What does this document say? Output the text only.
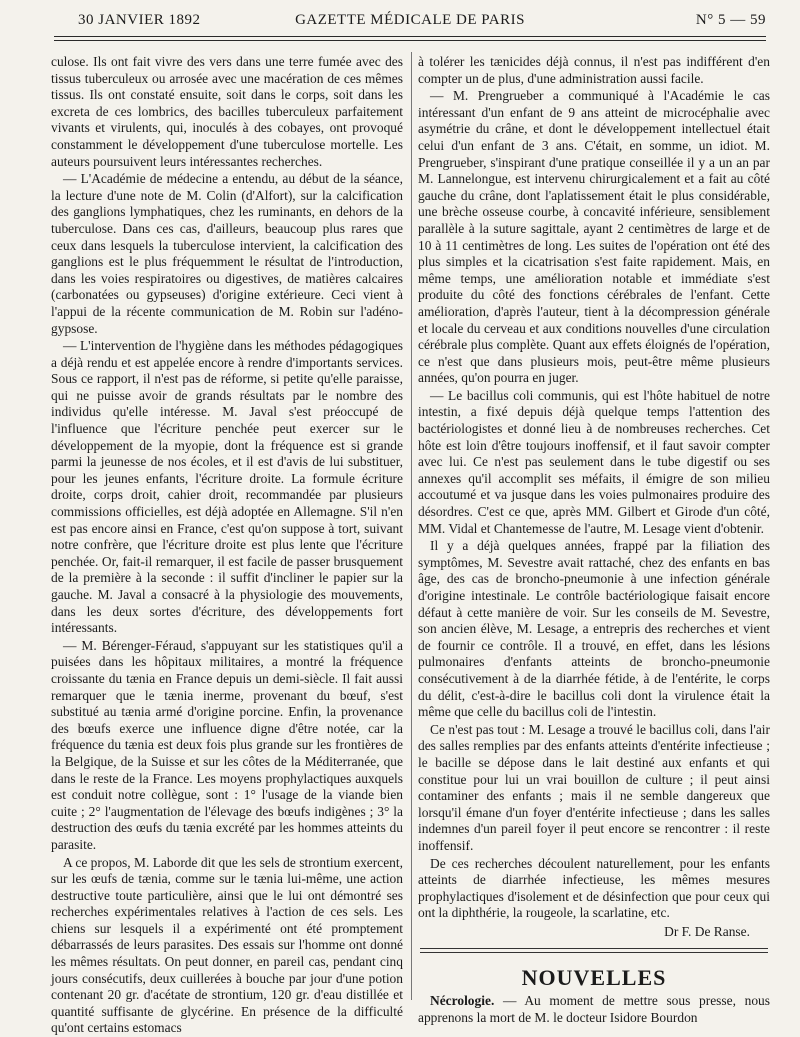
30 JANVIER 1892	GAZETTE MÉDICALE DE PARIS	N° 5 — 59

culose. Ils ont fait vivre des vers dans une terre fumée avec des tissus tuberculeux ou arrosée avec une macération de ces mêmes tissus. Ils ont constaté ensuite, soit dans le corps, soit dans les excreta de ces lombrics, des bacilles tuberculeux parfaitement vivants et virulents, qui, inoculés à des cobayes, ont provoqué constamment le développement d'une tuberculose mortelle. Les auteurs poursuivent leurs intéressantes recherches.

— L'Académie de médecine a entendu, au début de la séance, la lecture d'une note de M. Colin (d'Alfort), sur la calcification des ganglions lymphatiques, chez les ruminants, en dehors de la tuberculose. Dans ces cas, d'ailleurs, beaucoup plus rares que ceux dans lesquels la tuberculose intervient, la calcification des ganglions est le plus fréquemment le résultat de l'introduction, dans les voies respiratoires ou digestives, de matières calcaires (carbonatées ou gypseuses) d'origine extérieure. Ceci vient à l'appui de la récente communication de M. Robin sur l'adéno-gypsose.

— L'intervention de l'hygiène dans les méthodes pédagogiques a déjà rendu et est appelée encore à rendre d'importants services. Sous ce rapport, il n'est pas de réforme, si petite qu'elle paraisse, qui ne puisse avoir de grands résultats par le nombre des individus qu'elle intéresse. M. Javal s'est préoccupé de l'influence que l'écriture penchée peut exercer sur le développement de la myopie, dont la fréquence est si grande parmi la jeunesse de nos écoles, et il est d'avis de lui substituer, pour les jeunes enfants, l'écriture droite. La formule écriture droite, corps droit, cahier droit, recommandée par plusieurs commissions officielles, est déjà adoptée en Allemagne. S'il n'en est pas encore ainsi en France, c'est qu'on suppose à tort, suivant notre confrère, que l'écriture droite est plus lente que l'écriture penchée. Or, fait-il remarquer, il est facile de passer brusquement de la première à la seconde : il suffit d'incliner le papier sur la gauche. M. Javal a consacré à la physiologie des mouvements, dans les deux sortes d'écriture, des développements fort intéressants.

— M. Bérenger-Féraud, s'appuyant sur les statistiques qu'il a puisées dans les hôpitaux militaires, a montré la fréquence croissante du tænia en France depuis un demi-siècle. Il fait aussi remarquer que le tænia inerme, provenant du bœuf, s'est substitué au tænia armé d'origine porcine. Enfin, la provenance des bœufs exerce une influence digne d'être notée, car la fréquence du tænia est deux fois plus grande sur les frontières de la Belgique, de la Suisse et sur les côtes de la Méditerranée, que dans le reste de la France. Les moyens prophylactiques auxquels est conduit notre collègue, sont : 1° l'usage de la viande bien cuite ; 2° l'augmentation de l'élevage des bœufs indigènes ; 3° la destruction des œufs du tænia excrété par les hommes atteints du parasite.

A ce propos, M. Laborde dit que les sels de strontium exercent, sur les œufs de tænia, comme sur le tænia lui-même, une action destructive toute particulière, ainsi que le lui ont démontré ses recherches expérimentales relatives à l'action de ces sels. Les chiens sur lesquels il a expérimenté ont été promptement débarrassés de leurs parasites. Des essais sur l'homme ont donné les mêmes résultats. On peut donner, en pareil cas, pendant cinq jours consécutifs, deux cuillerées à bouche par jour d'une potion contenant 20 gr. d'acétate de strontium, 120 gr. d'eau distillée et quantité suffisante de glycérine. En présence de la difficulté qu'ont certains estomacs

à tolérer les tænicides déjà connus, il n'est pas indifférent d'en compter un de plus, d'une administration aussi facile.

— M. Prengrueber a communiqué à l'Académie le cas intéressant d'un enfant de 9 ans atteint de microcéphalie avec asymétrie du crâne, et dont le développement intellectuel était celui d'un enfant de 3 ans. C'était, en somme, un idiot. M. Prengrueber, s'inspirant d'une pratique conseillée il y a un an par M. Lannelongue, est intervenu chirurgicalement et a fait au côté gauche du crâne, dont l'aplatissement était le plus considérable, une brèche osseuse courbe, à concavité inférieure, sensiblement parallèle à la suture sagittale, ayant 2 centimètres de large et de 10 à 11 centimètres de long. Les suites de l'opération ont été des plus simples et la cicatrisation s'est faite rapidement. Mais, en même temps, une amélioration notable et immédiate s'est produite du côté des fonctions cérébrales de l'enfant. Cette amélioration, d'après l'auteur, tient à la décompression générale et locale du cerveau et aux conditions nouvelles d'une circulation cérébrale plus complète. Quant aux effets éloignés de l'opération, ce n'est que dans plusieurs mois, peut-être même plusieurs années, qu'on pourra en juger.

— Le bacillus coli communis, qui est l'hôte habituel de notre intestin, a fixé depuis déjà quelque temps l'attention des bactériologistes et donné lieu à de nombreuses recherches. Cet hôte est loin d'être toujours inoffensif, et il faut savoir compter avec lui. Ce n'est pas seulement dans le tube digestif ou ses annexes qu'il accomplit ses méfaits, il émigre de son milieu accoutumé et va jusque dans les voies pulmonaires produire des désordres. C'est ce que, après MM. Gilbert et Girode d'un côté, MM. Vidal et Chantemesse de l'autre, M. Lesage vient d'obtenir.

Il y a déjà quelques années, frappé par la filiation des symptômes, M. Sevestre avait rattaché, chez des enfants en bas âge, des cas de broncho-pneumonie à une infection générale d'origine intestinale. Le contrôle bactériologique faisait encore défaut à cette manière de voir. Sur les conseils de M. Sevestre, son ancien élève, M. Lesage, a entrepris des recherches et vient de fournir ce contrôle. Il a trouvé, en effet, dans les lésions pulmonaires d'enfants atteints de broncho-pneumonie consécutivement à de la diarrhée fétide, à de l'entérite, le corps du délit, c'est-à-dire le bacillus coli dont la virulence était la même que celle du bacillus coli de l'intestin.

Ce n'est pas tout : M. Lesage a trouvé le bacillus coli, dans l'air des salles remplies par des enfants atteints d'entérite infectieuse ; le bacille se dépose dans le lait destiné aux enfants et qui constitue pour lui un vrai bouillon de culture ; il peut ainsi contaminer des enfants ; mais il ne semble dangereux que lorsqu'il émane d'un foyer d'entérite infectieuse ; dans les salles indemnes d'un pareil foyer il peut encore se rencontrer : il reste inoffensif.

De ces recherches découlent naturellement, pour les enfants atteints de diarrhée infectieuse, les mêmes mesures prophylactiques d'isolement et de désinfection que pour ceux qui ont la diphthérie, la rougeole, la scarlatine, etc.

Dr F. De Ranse.
NOUVELLES

Nécrologie. — Au moment de mettre sous presse, nous apprenons la mort de M. le docteur Isidore Bourdon
